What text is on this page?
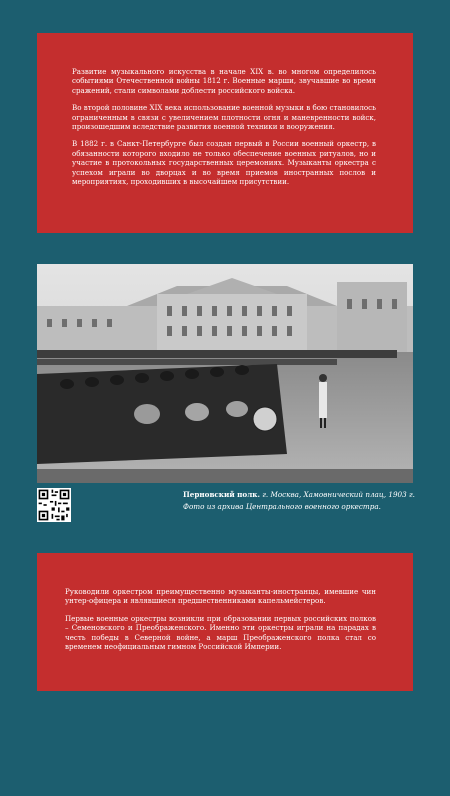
Развитие музыкального искусства в начале XIX в. во многом определилось событиями Отечественной войны 1812 г. Военные марши, звучавшие во время сражений, стали символами доблести российского войска.

Во второй половине XIX века использование военной музыки в бою становилось ограниченным в связи с увеличением плотности огня и маневренности войск, произошедшим вследствие развития военной техники и вооружения.

В 1882 г. в Санкт-Петербурге был создан первый в России военный оркестр, в обязанности которого входило не только обеспечение военных ритуалов, но и участие в протокольных государственных церемониях. Музыканты оркестра с успехом играли во дворцах и во время приемов иностранных послов и мероприятиях, проходивших в высочайшем присутствии.

Перновский полк. г. Москва, Хамовнический плац, 1903 г.
Фото из архива Центрального военного оркестра.

Руководили оркестром преимущественно музыканты-иностранцы, имевшие чин унтер-офицера и являвшиеся предшественниками капельмейстеров.

Первые военные оркестры возникли при образовании первых российских полков – Семеновского и Преображенского. Именно эти оркестры играли на парадах в честь победы в Северной войне, а марш Преображенского полка стал со временем неофициальным гимном Российской Империи.
